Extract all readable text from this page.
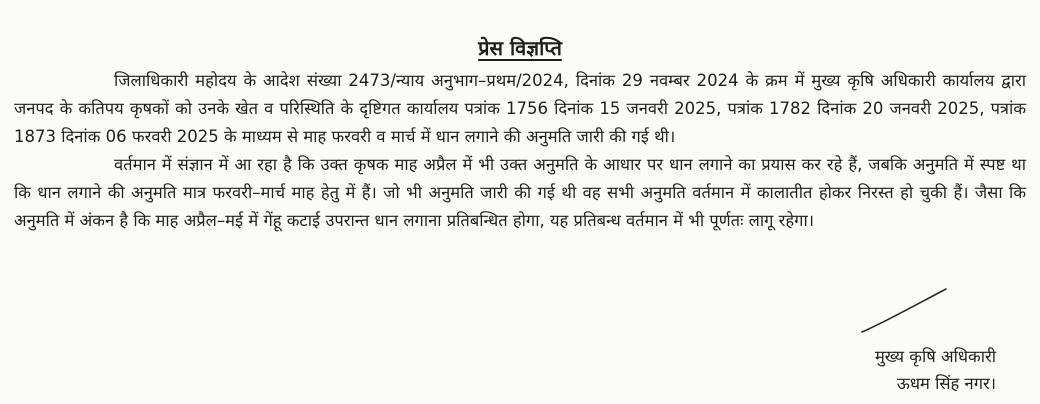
प्रेस विज्ञप्ति

जिलाधिकारी महोदय के आदेश संख्या 2473/न्याय अनुभाग–प्रथम/2024, दिनांक 29 नवम्बर 2024 के क्रम में मुख्य कृषि अधिकारी कार्यालय द्वारा जनपद के कतिपय कृषकों को उनके खेत व परिस्थिति के दृष्टिगत कार्यालय पत्रांक 1756 दिनांक 15 जनवरी 2025, पत्रांक 1782 दिनांक 20 जनवरी 2025, पत्रांक 1873 दिनांक 06 फरवरी 2025 के माध्यम से माह फरवरी व मार्च में धान लगाने की अनुमति जारी की गई थी।

वर्तमान में संज्ञान में आ रहा है कि उक्त कृषक माह अप्रैल में भी उक्त अनुमति के आधार पर धान लगाने का प्रयास कर रहे हैं, जबकि अनुमति में स्पष्ट था कि धान लगाने की अनुमति मात्र फरवरी–मार्च माह हेतु में हैं। जो भी अनुमति जारी की गई थी वह सभी अनुमति वर्तमान में कालातीत होकर निरस्त हो चुकी हैं। जैसा कि अनुमति में अंकन है कि माह अप्रैल–मई में गेंहू कटाई उपरान्त धान लगाना प्रतिबन्धित होगा, यह प्रतिबन्ध वर्तमान में भी पूर्णतः लागू रहेगा।

मुख्य कृषि अधिकारी
ऊधम सिंह नगर।
